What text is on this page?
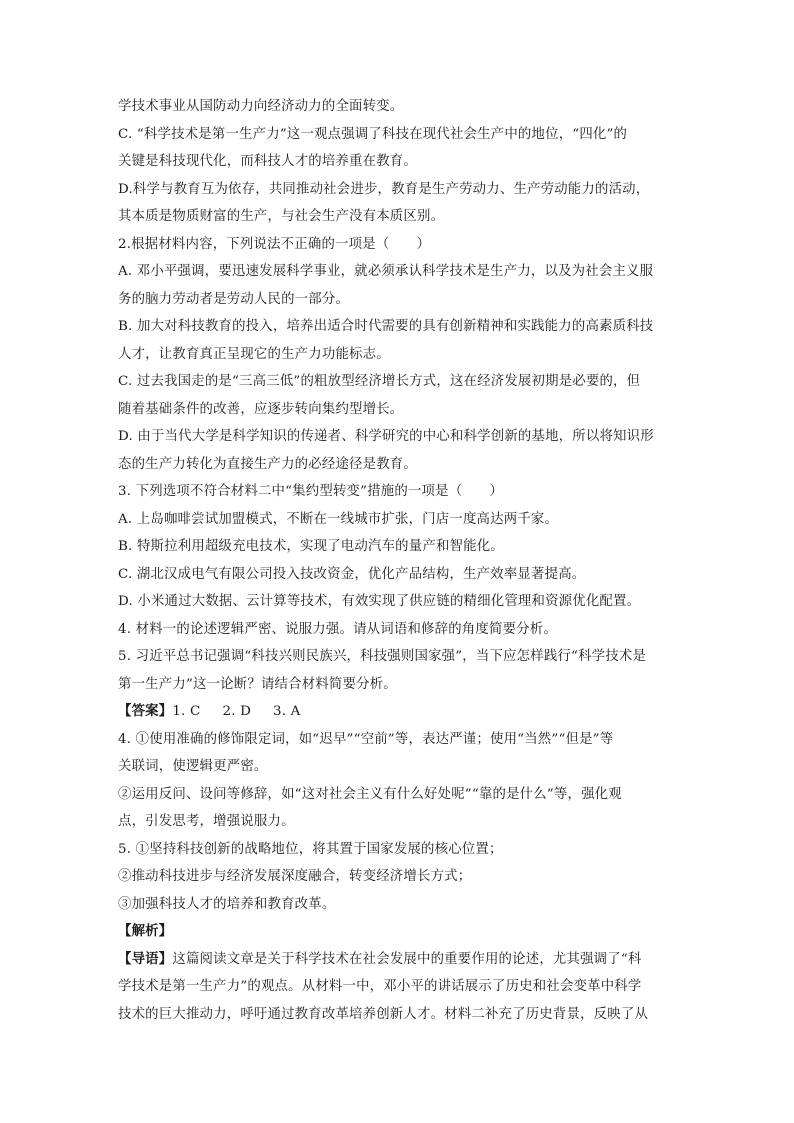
学技术事业从国防动力向经济动力的全面转变。
C. “科学技术是第一生产力”这一观点强调了科技在现代社会生产中的地位，“四化”的
关键是科技现代化，而科技人才的培养重在教育。
D.科学与教育互为依存，共同推动社会进步，教育是生产劳动力、生产劳动能力的活动，
其本质是物质财富的生产，与社会生产没有本质区别。
2.根据材料内容，下列说法不正确的一项是（　　）
A. 邓小平强调，要迅速发展科学事业，就必须承认科学技术是生产力，以及为社会主义服
务的脑力劳动者是劳动人民的一部分。
B. 加大对科技教育的投入，培养出适合时代需要的具有创新精神和实践能力的高素质科技
人才，让教育真正呈现它的生产力功能标志。
C. 过去我国走的是“三高三低”的粗放型经济增长方式，这在经济发展初期是必要的，但
随着基础条件的改善，应逐步转向集约型增长。
D. 由于当代大学是科学知识的传递者、科学研究的中心和科学创新的基地，所以将知识形
态的生产力转化为直接生产力的必经途径是教育。
3. 下列选项不符合材料二中“集约型转变”措施的一项是（　　）
A. 上岛咖啡尝试加盟模式，不断在一线城市扩张，门店一度高达两千家。
B. 特斯拉利用超级充电技术，实现了电动汽车的量产和智能化。
C. 湖北汉成电气有限公司投入技改资金，优化产品结构，生产效率显著提高。
D. 小米通过大数据、云计算等技术，有效实现了供应链的精细化管理和资源优化配置。
4. 材料一的论述逻辑严密、说服力强。请从词语和修辞的角度简要分析。
5. 习近平总书记强调“科技兴则民族兴，科技强则国家强”，当下应怎样践行“科学技术是
第一生产力”这一论断？请结合材料简要分析。
【答案】 1. C 2. D 3. A
4. ①使用准确的修饰限定词，如“迟早”“空前”等，表达严谨；使用“当然”“但是”等
关联词，使逻辑更严密。
②运用反问、设问等修辞，如“这对社会主义有什么好处呢”“靠的是什么”等，强化观
点，引发思考，增强说服力。
5. ①坚持科技创新的战略地位，将其置于国家发展的核心位置；
②推动科技进步与经济发展深度融合，转变经济增长方式；
③加强科技人才的培养和教育改革。
【解析】
【导语】这篇阅读文章是关于科学技术在社会发展中的重要作用的论述，尤其强调了“科
学技术是第一生产力”的观点。从材料一中，邓小平的讲话展示了历史和社会变革中科学
技术的巨大推动力，呼吁通过教育改革培养创新人才。材料二补充了历史背景，反映了从
